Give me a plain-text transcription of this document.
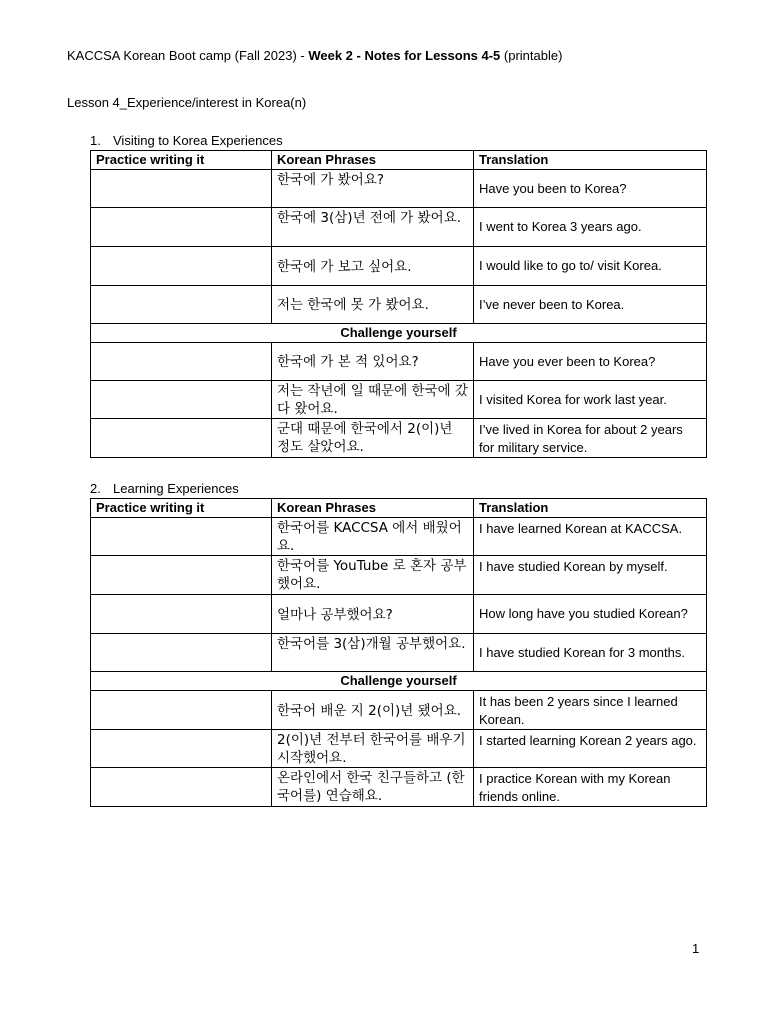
KACCSA Korean Boot camp (Fall 2023) - Week 2 - Notes for Lessons 4-5 (printable)
Lesson 4_Experience/interest in Korea(n)
1. Visiting to Korea Experiences
Practice writing it	Korean Phrases	Translation
	한국에 가 봤어요?	Have you been to Korea?
	한국에 3(삼)년 전에 가 봤어요.	I went to Korea 3 years ago.
	한국에 가 보고 싶어요.	I would like to go to/ visit Korea.
	저는 한국에 못 가 봤어요.	I’ve never been to Korea.
Challenge yourself		
	한국에 가 본 적 있어요?	Have you ever been to Korea?
	저는 작년에 일 때문에 한국에 갔다 왔어요.	I visited Korea for work last year.
	군대 때문에 한국에서 2(이)년 정도 살았어요.	I’ve lived in Korea for about 2 years for military service.
2. Learning Experiences
Practice writing it	Korean Phrases	Translation
	한국어를 KACCSA 에서 배웠어요.	I have learned Korean at KACCSA.
	한국어를 YouTube 로 혼자 공부했어요.	I have studied Korean by myself.
	얼마나 공부했어요?	How long have you studied Korean?
	한국어를 3(삼)개월 공부했어요.	I have studied Korean for 3 months.
Challenge yourself		
	한국어 배운 지 2(이)년 됐어요.	It has been 2 years since I learned Korean.
	2(이)년 전부터 한국어를 배우기 시작했어요.	I started learning Korean 2 years ago.
	온라인에서 한국 친구들하고 (한국어를) 연습해요.	I practice Korean with my Korean friends online.
1
